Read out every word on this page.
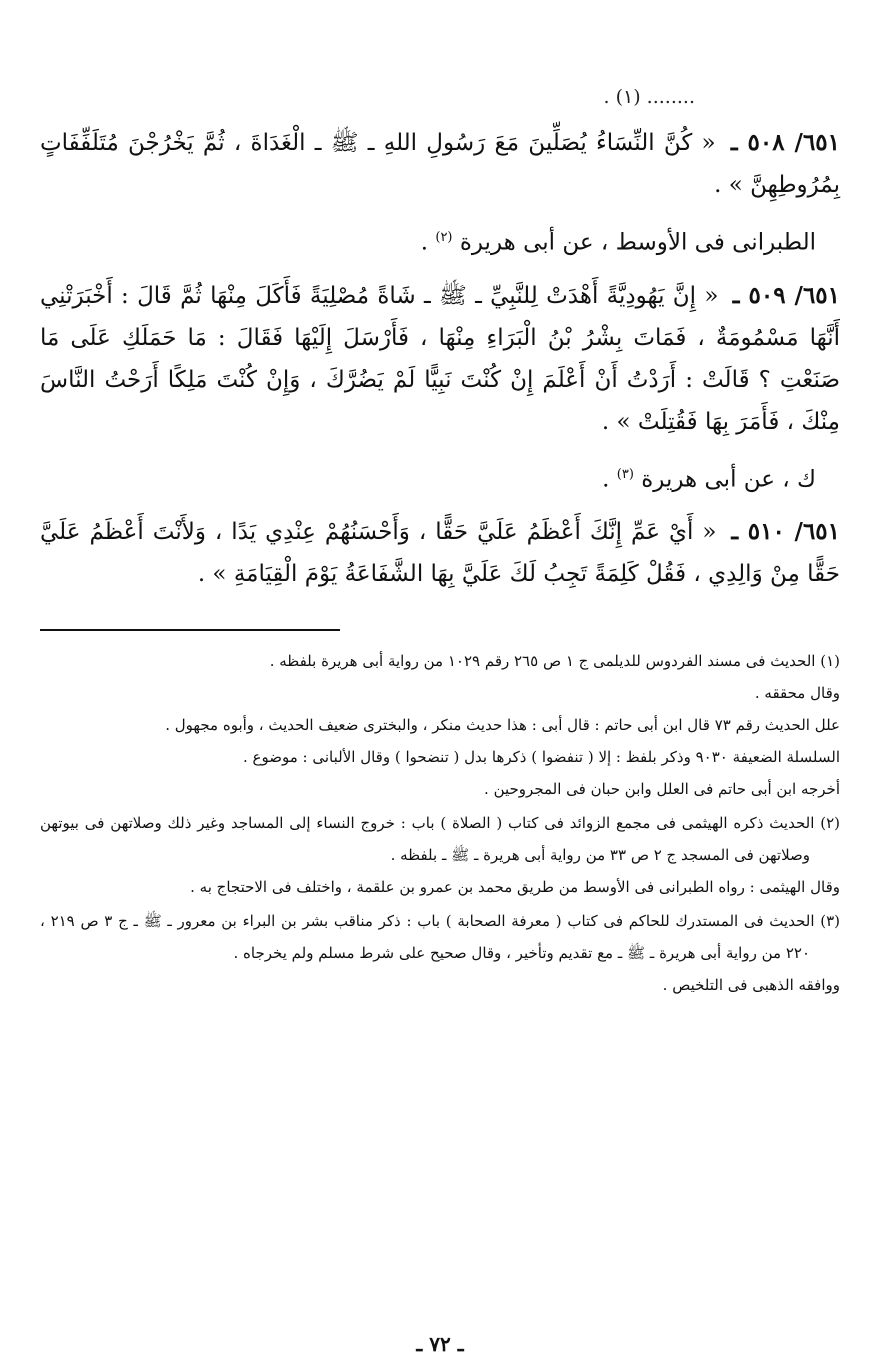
........ (١) .

٦٥١/ ٥٠٨ ـ « كُنَّ النِّسَاءُ يُصَلِّينَ مَعَ رَسُولِ اللهِ ـ ﷺ ـ الْغَدَاةَ ، ثُمَّ يَخْرُجْنَ مُتَلَفِّفَاتٍ بِمُرُوطِهِنَّ » .

الطبرانى فى الأوسط ، عن أبى هريرة $^{(٢)}$ .

٦٥١/ ٥٠٩ ـ « إِنَّ يَهُودِيَّةً أَهْدَتْ لِلنَّبِيِّ ـ ﷺ ـ شَاةً مُصْلِيَةً فَأَكَلَ مِنْهَا ثُمَّ قَالَ : أَخْبَرَتْنِي أَنَّهَا مَسْمُومَةٌ ، فَمَاتَ بِشْرُ بْنُ الْبَرَاءِ مِنْهَا ، فَأَرْسَلَ إِلَيْهَا فَقَالَ : مَا حَمَلَكِ عَلَى مَا صَنَعْتِ ؟ قَالَتْ : أَرَدْتُ أَنْ أَعْلَمَ إِنْ كُنْتَ نَبِيًّا لَمْ يَضُرَّكَ ، وَإِنْ كُنْتَ مَلِكًا أَرَحْتُ النَّاسَ مِنْكَ ، فَأَمَرَ بِهَا فَقُتِلَتْ » .

ك ، عن أبى هريرة $^{(٣)}$ .

٦٥١/ ٥١٠ ـ « أَيْ عَمِّ إِنَّكَ أَعْظَمُ عَلَيَّ حَقًّا ، وَأَحْسَنُهُمْ عِنْدِي يَدًا ، وَلأَنْتَ أَعْظَمُ عَلَيَّ حَقًّا مِنْ وَالِدِي ، فَقُلْ كَلِمَةً تَجِبُ لَكَ عَلَيَّ بِهَا الشَّفَاعَةُ يَوْمَ الْقِيَامَةِ » .

(١) الحديث فى مسند الفردوس للديلمى ج ١ ص ٢٦٥ رقم ١٠٢٩ من رواية أبى هريرة بلفظه .

وقال محققه .

علل الحديث رقم ٧٣ قال ابن أبى حاتم : قال أبى : هذا حديث منكر ، والبخترى ضعيف الحديث ، وأبوه مجهول .

السلسلة الضعيفة ٩٠٣٠ وذكر بلفظ : إلا ( تنفضوا ) ذكرها بدل ( تنضحوا ) وقال الألبانى : موضوع .

أخرجه ابن أبى حاتم فى العلل وابن حبان فى المجروحين .

(٢) الحديث ذكره الهيثمى فى مجمع الزوائد فى كتاب ( الصلاة ) باب : خروج النساء إلى المساجد وغير ذلك وصلاتهن فى بيوتهن وصلاتهن فى المسجد ج ٢ ص ٣٣ من رواية أبى هريرة ـ ﷺ ـ بلفظه .

وقال الهيثمى : رواه الطبرانى فى الأوسط من طريق محمد بن عمرو بن علقمة ، واختلف فى الاحتجاج به .

(٣) الحديث فى المستدرك للحاكم فى كتاب ( معرفة الصحابة ) باب : ذكر مناقب بشر بن البراء بن معرور ـ ﷺ ـ ج ٣ ص ٢١٩ ، ٢٢٠ من رواية أبى هريرة ـ ﷺ ـ مع تقديم وتأخير ، وقال صحيح على شرط مسلم ولم يخرجاه .

ووافقه الذهبى فى التلخيص .

ـ ٧٢ ـ
